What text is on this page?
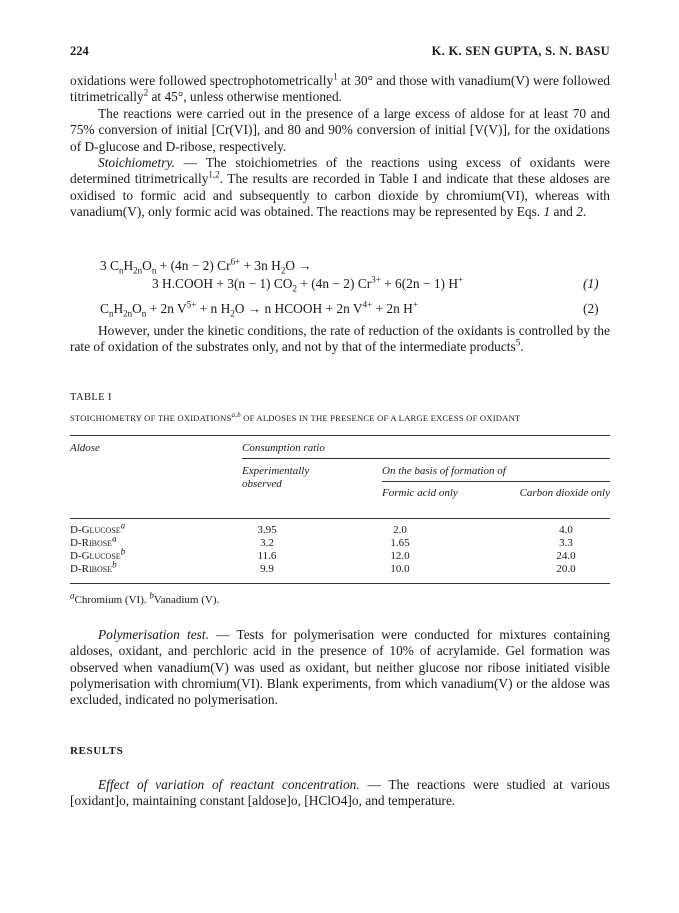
224	K. K. SEN GUPTA, S. N. BASU

oxidations were followed spectrophotometrically$^1$ at 30° and those with vanadium(V) were followed titrimetrically$^2$ at 45°, unless otherwise mentioned.

The reactions were carried out in the presence of a large excess of aldose for at least 70 and 75% conversion of initial [Cr(VI)], and 80 and 90% conversion of initial [V(V)], for the oxidations of D-glucose and D-ribose, respectively.

Stoichiometry. — The stoichiometries of the reactions using excess of oxidants were determined titrimetrically$^{1,2}$. The results are recorded in Table I and indicate that these aldoses are oxidised to formic acid and subsequently to carbon dioxide by chromium(VI), whereas with vanadium(V), only formic acid was obtained. The reactions may be represented by Eqs. 1 and 2.

3 $C_nH_{2n}O_n + (4n - 2) Cr^{6+} + 3n$ $H_2O$ →
3 H.COOH + 3(n − 1) $CO_2 + (4n - 2) Cr^{3+} + 6(2n - 1)$ H+	(1)
$C_nH_{2n}O_n + 2n$ $V^{5+} + n$ $H_2O \to n$ HCOOH + 2n $V^{4+} + 2n$ H+	(2)

However, under the kinetic conditions, the rate of reduction of the oxidants is controlled by the rate of oxidation of the substrates only, and not by that of the intermediate products$^5$.

TABLE I
STOICHIOMETRY OF THE OXIDATIONS$^{a,b}$ OF ALDOSES IN THE PRESENCE OF A LARGE EXCESS OF OXIDANT
Aldose	Consumption ratio
Experimentally observed
On the basis of formation of
Formic acid only	Carbon dioxide only
D-Glucose$^a$	3.95	2.0	4.0
D-Ribose$^a$	3.2	1.65	3.3
D-Glucose$^b$	11.6	12.0	24.0
D-Ribose$^b$	9.9	10.0	20.0
$^a$Chromium (VI). $^b$Vanadium (V).

Polymerisation test. — Tests for polymerisation were conducted for mixtures containing aldoses, oxidant, and perchloric acid in the presence of 10% of acrylamide. Gel formation was observed when vanadium(V) was used as oxidant, but neither glucose nor ribose initiated visible polymerisation with chromium(VI). Blank experiments, from which vanadium(V) or the aldose was excluded, indicated no polymerisation.

RESULTS

Effect of variation of reactant concentration. — The reactions were studied at various [oxidant]o, maintaining constant [aldose]o, [HClO4]o, and temperature.
